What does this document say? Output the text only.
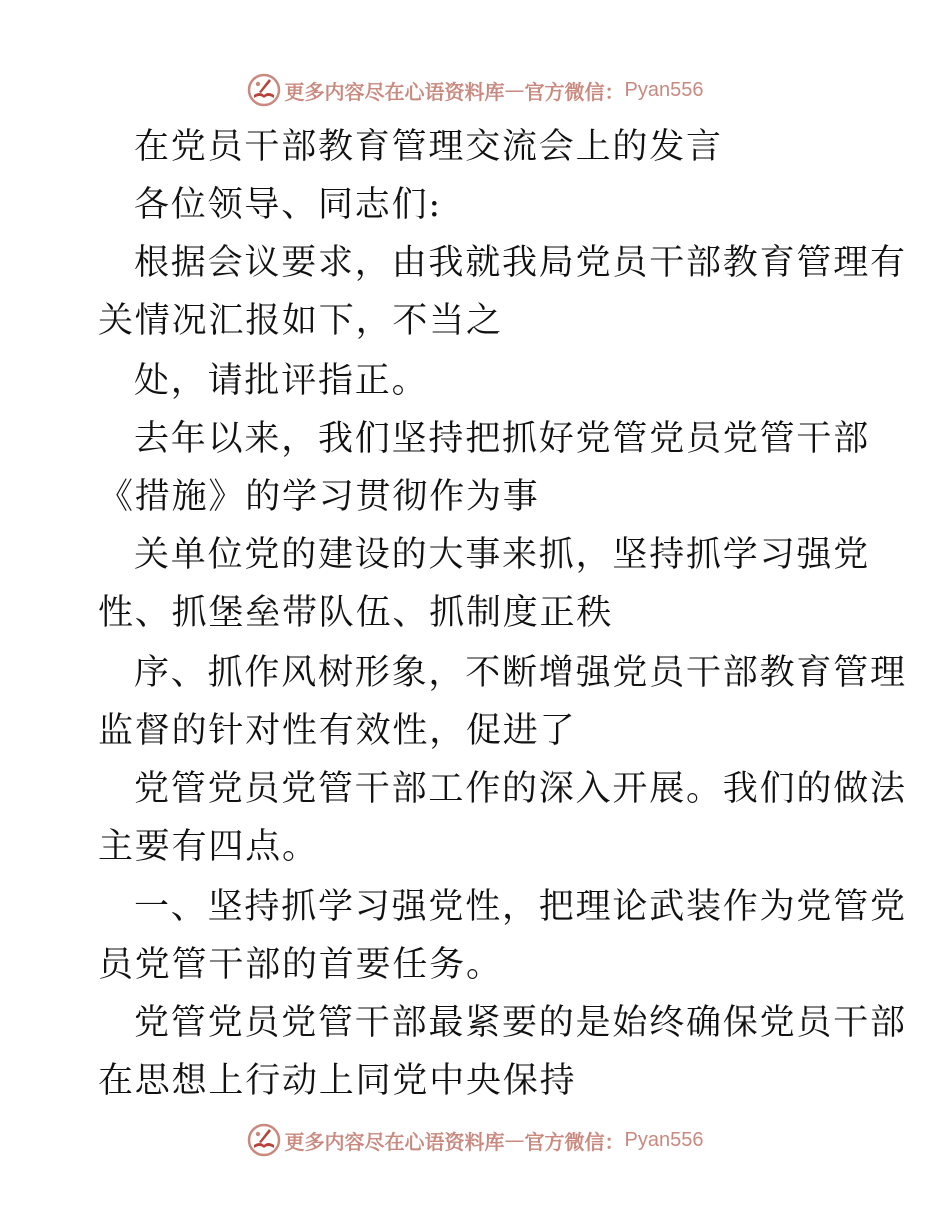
更多内容尽在心语资料库 — 官方微信： Pyan556
在党员干部教育管理交流会上的发言
各位领导、同志们:
根据会议要求，由我就我局党员干部教育管理有
关情况汇报如下，不当之
处，请批评指正。
去年以来，我们坚持把抓好党管党员党管干部
《措施》的学习贯彻作为事
关单位党的建设的大事来抓，坚持抓学习强党
性、抓堡垒带队伍、抓制度正秩
序、抓作风树形象，不断增强党员干部教育管理
监督的针对性有效性，促进了
党管党员党管干部工作的深入开展。我们的做法
主要有四点。
一、坚持抓学习强党性，把理论武装作为党管党
员党管干部的首要任务。
党管党员党管干部最紧要的是始终确保党员干部
在思想上行动上同党中央保持
更多内容尽在心语资料库 — 官方微信： Pyan556
